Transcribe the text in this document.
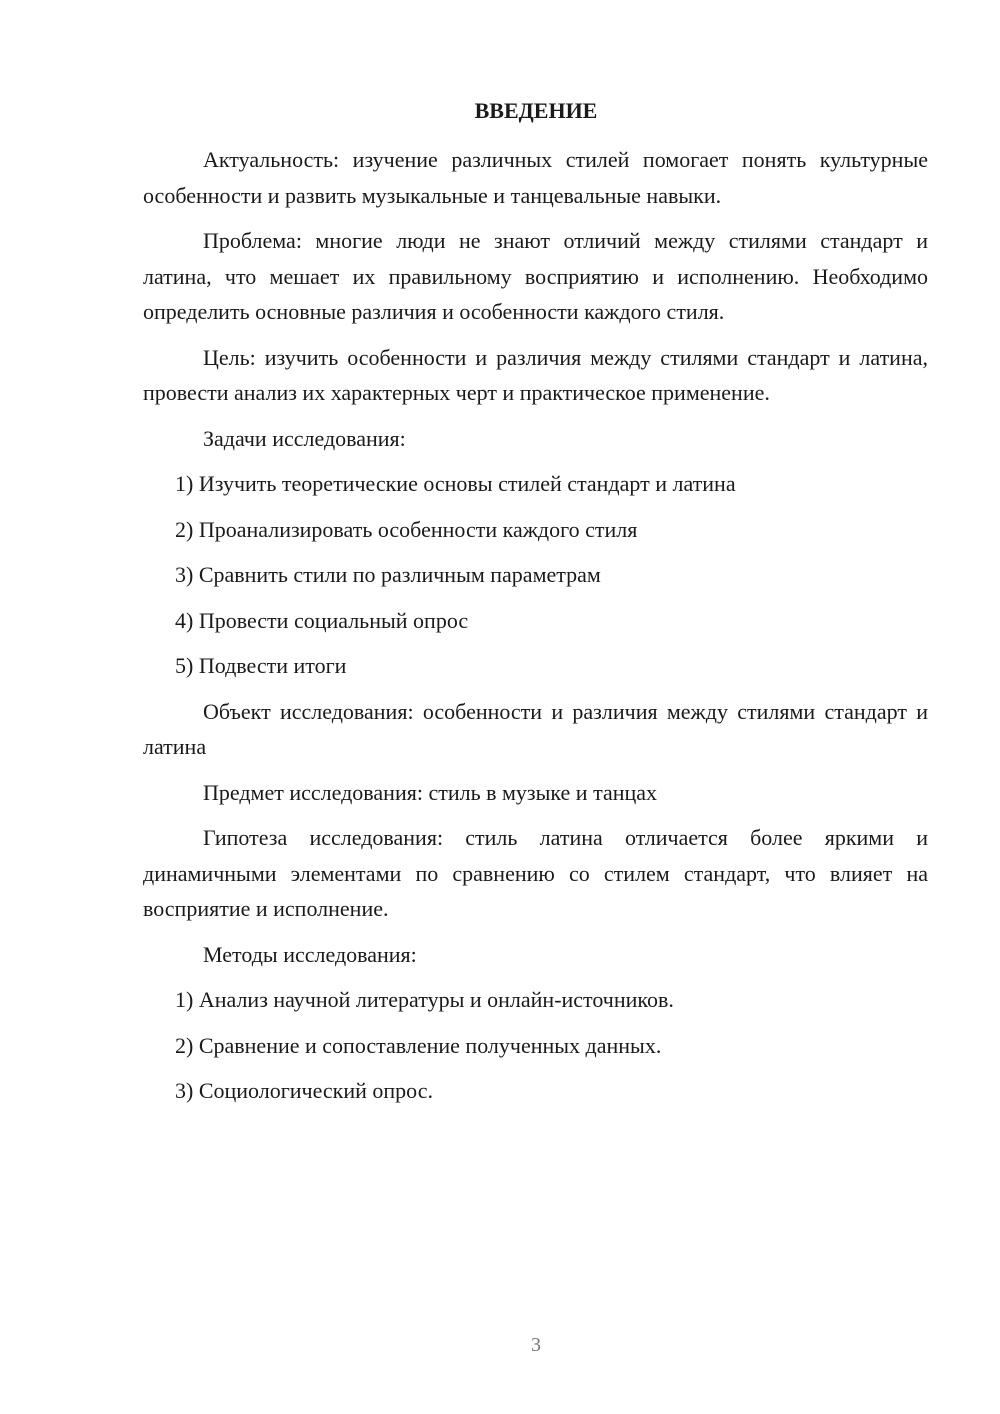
ВВЕДЕНИЕ

Актуальность: изучение различных стилей помогает понять культурные особенности и развить музыкальные и танцевальные навыки.

Проблема: многие люди не знают отличий между стилями стандарт и латина, что мешает их правильному восприятию и исполнению. Необходимо определить основные различия и особенности каждого стиля.

Цель: изучить особенности и различия между стилями стандарт и латина, провести анализ их характерных черт и практическое применение.

Задачи исследования:

1) Изучить теоретические основы стилей стандарт и латина

2) Проанализировать особенности каждого стиля

3) Сравнить стили по различным параметрам

4) Провести социальный опрос

5) Подвести итоги

Объект исследования: особенности и различия между стилями стандарт и латина

Предмет исследования: стиль в музыке и танцах

Гипотеза исследования: стиль латина отличается более яркими и динамичными элементами по сравнению со стилем стандарт, что влияет на восприятие и исполнение.

Методы исследования:

1) Анализ научной литературы и онлайн-источников.

2) Сравнение и сопоставление полученных данных.

3) Социологический опрос.

3
